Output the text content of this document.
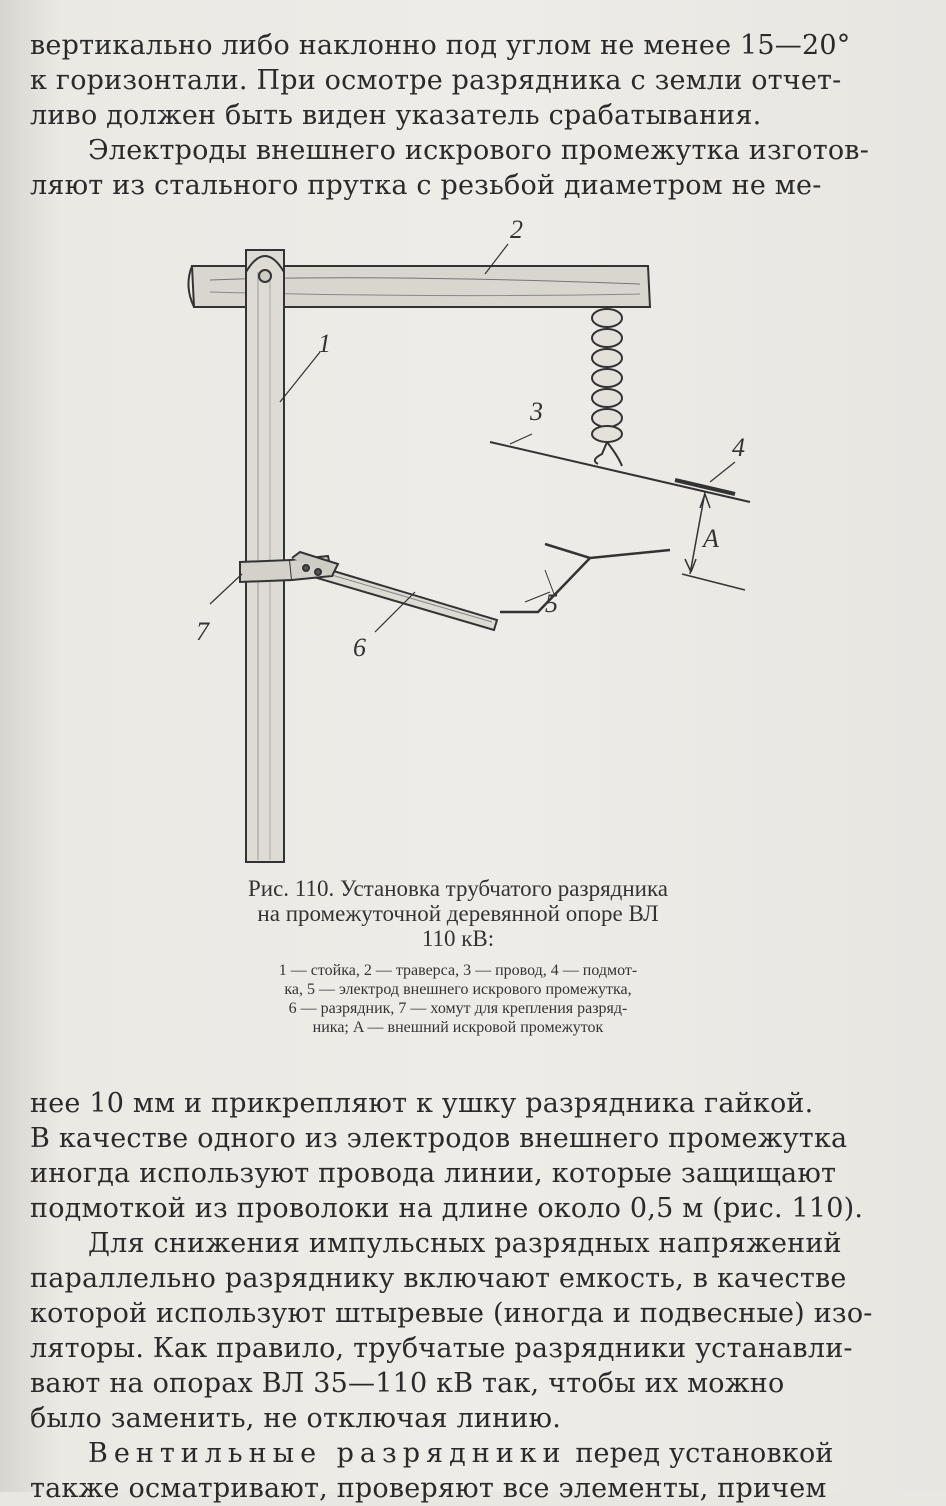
вертикально либо наклонно под углом не менее 15—20°
к горизонтали. При осмотре разрядника с земли отчет-
ливо должен быть виден указатель срабатывания.
Электроды внешнего искрового промежутка изготов-
ляют из стального прутка с резьбой диаметром не ме-

2
1
3
4
A
5
6
7

Рис. 110. Установка трубчатого разрядника
на промежуточной деревянной опоре ВЛ
110 кВ:

1 — стойка, 2 — траверса, 3 — провод, 4 — подмот-
ка, 5 — электрод внешнего искрового промежутка,
6 — разрядник, 7 — хомут для крепления разряд-
ника; A — внешний искровой промежуток

нее 10 мм и прикрепляют к ушку разрядника гайкой.
В качестве одного из электродов внешнего промежутка
иногда используют провода линии, которые защищают
подмоткой из проволоки на длине около 0,5 м (рис. 110).
Для снижения импульсных разрядных напряжений
параллельно разряднику включают емкость, в качестве
которой используют штыревые (иногда и подвесные) изо-
ляторы. Как правило, трубчатые разрядники устанавли-
вают на опорах ВЛ 35—110 кВ так, чтобы их можно
было заменить, не отключая линию.
Вентильные разрядники перед установкой
также осматривают, проверяют все элементы, причем
